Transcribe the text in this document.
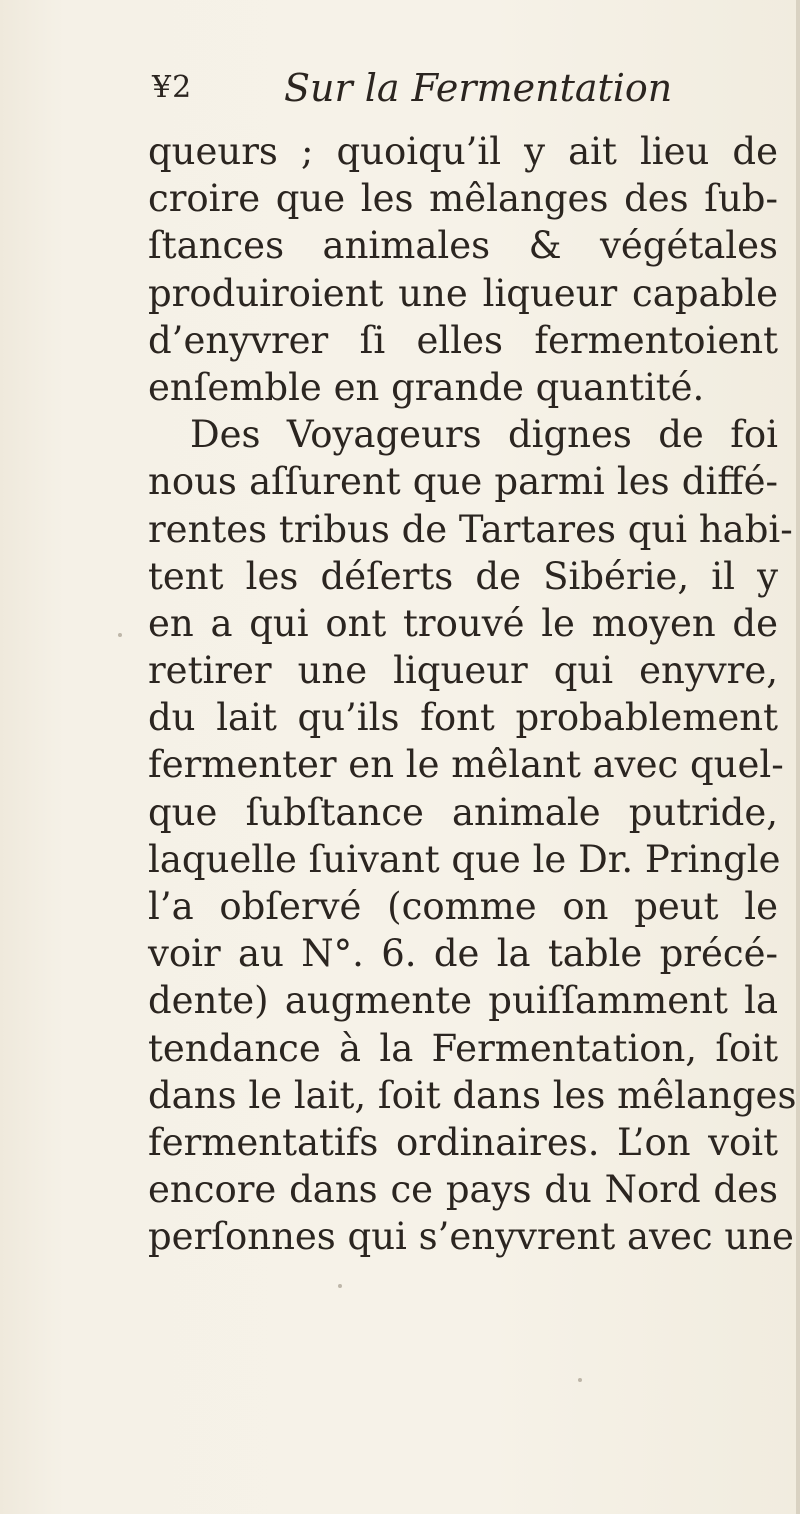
¥2 Sur la Fermentation
queurs ; quoiqu’il y ait lieu de
croire que les mêlanges des ſub-
ſtances animales & végétales
produiroient une liqueur capable
d’enyvrer ſi elles fermentoient
enſemble en grande quantité.
Des Voyageurs dignes de foi
nous aſſurent que parmi les diffé-
rentes tribus de Tartares qui habi-
tent les déſerts de Sibérie, il y
en a qui ont trouvé le moyen de
retirer une liqueur qui enyvre,
du lait qu’ils font probablement
fermenter en le mêlant avec quel-
que ſubſtance animale putride,
laquelle ſuivant que le Dr. Pringle
l’a obſervé (comme on peut le
voir au N°. 6. de la table précé-
dente) augmente puiſſamment la
tendance à la Fermentation, ſoit
dans le lait, ſoit dans les mêlanges
fermentatifs ordinaires. L’on voit
encore dans ce pays du Nord des
perſonnes qui s’enyvrent avec une
